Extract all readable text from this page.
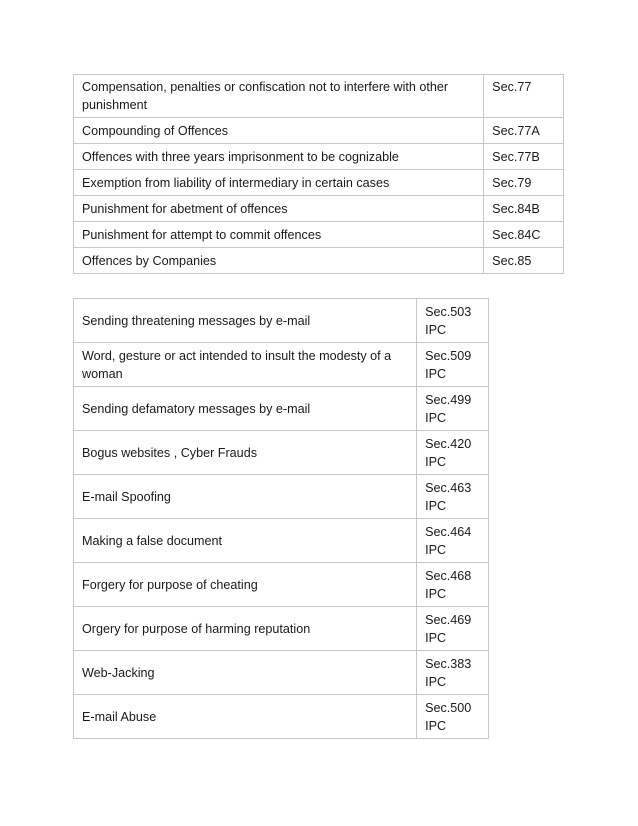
Compensation, penalties or confiscation not to interfere with other punishment	Sec.77
Compounding of Offences	Sec.77A
Offences with three years imprisonment to be cognizable	Sec.77B
Exemption from liability of intermediary in certain cases	Sec.79
Punishment for abetment of offences	Sec.84B
Punishment for attempt to commit offences	Sec.84C
Offences by Companies	Sec.85
Sending threatening messages by e-mail	Sec.503
IPC
Word, gesture or act intended to insult the modesty of a woman	Sec.509
IPC
Sending defamatory messages by e-mail	Sec.499
IPC
Bogus websites , Cyber Frauds	Sec.420
IPC
E-mail Spoofing	Sec.463
IPC
Making a false document	Sec.464
IPC
Forgery for purpose of cheating	Sec.468
IPC
Orgery for purpose of harming reputation	Sec.469
IPC
Web-Jacking	Sec.383
IPC
E-mail Abuse	Sec.500
IPC
